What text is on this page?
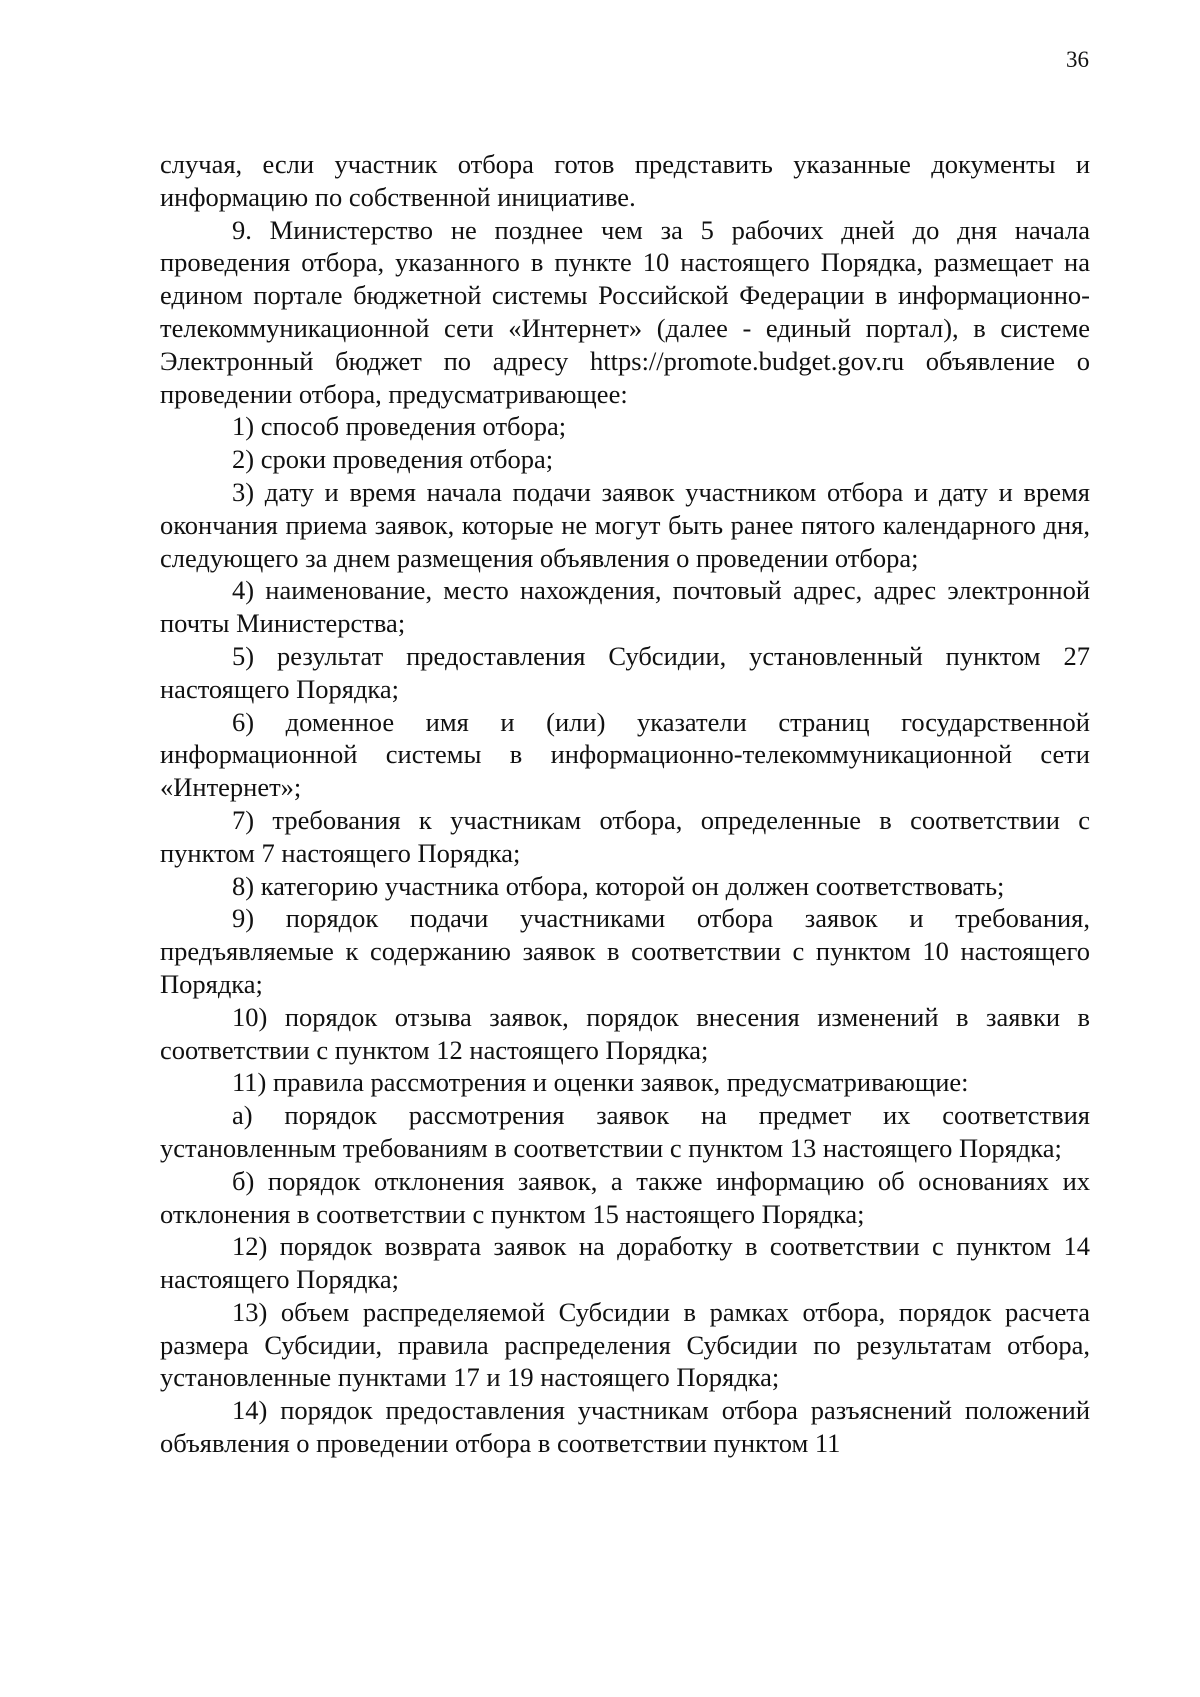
36

случая, если участник отбора готов представить указанные документы и информацию по собственной инициативе.

9. Министерство не позднее чем за 5 рабочих дней до дня начала проведения отбора, указанного в пункте 10 настоящего Порядка, размещает на едином портале бюджетной системы Российской Федерации в информационно-телекоммуникационной сети «Интернет» (далее - единый портал), в системе Электронный бюджет по адресу https://promote.budget.gov.ru объявление о проведении отбора, предусматривающее:

1) способ проведения отбора;

2) сроки проведения отбора;

3) дату и время начала подачи заявок участником отбора и дату и время окончания приема заявок, которые не могут быть ранее пятого календарного дня, следующего за днем размещения объявления о проведении отбора;

4) наименование, место нахождения, почтовый адрес, адрес электронной почты Министерства;

5) результат предоставления Субсидии, установленный пунктом 27 настоящего Порядка;

6) доменное имя и (или) указатели страниц государственной информационной системы в информационно-телекоммуникационной сети «Интернет»;

7) требования к участникам отбора, определенные в соответствии с пунктом 7 настоящего Порядка;

8) категорию участника отбора, которой он должен соответствовать;

9) порядок подачи участниками отбора заявок и требования, предъявляемые к содержанию заявок в соответствии с пунктом 10 настоящего Порядка;

10) порядок отзыва заявок, порядок внесения изменений в заявки в соответствии с пунктом 12 настоящего Порядка;

11) правила рассмотрения и оценки заявок, предусматривающие:

а) порядок рассмотрения заявок на предмет их соответствия установленным требованиям в соответствии с пунктом 13 настоящего Порядка;

б) порядок отклонения заявок, а также информацию об основаниях их отклонения в соответствии с пунктом 15 настоящего Порядка;

12) порядок возврата заявок на доработку в соответствии с пунктом 14 настоящего Порядка;

13) объем распределяемой Субсидии в рамках отбора, порядок расчета размера Субсидии, правила распределения Субсидии по результатам отбора, установленные пунктами 17 и 19 настоящего Порядка;

14) порядок предоставления участникам отбора разъяснений положений объявления о проведении отбора в соответствии пунктом 11
